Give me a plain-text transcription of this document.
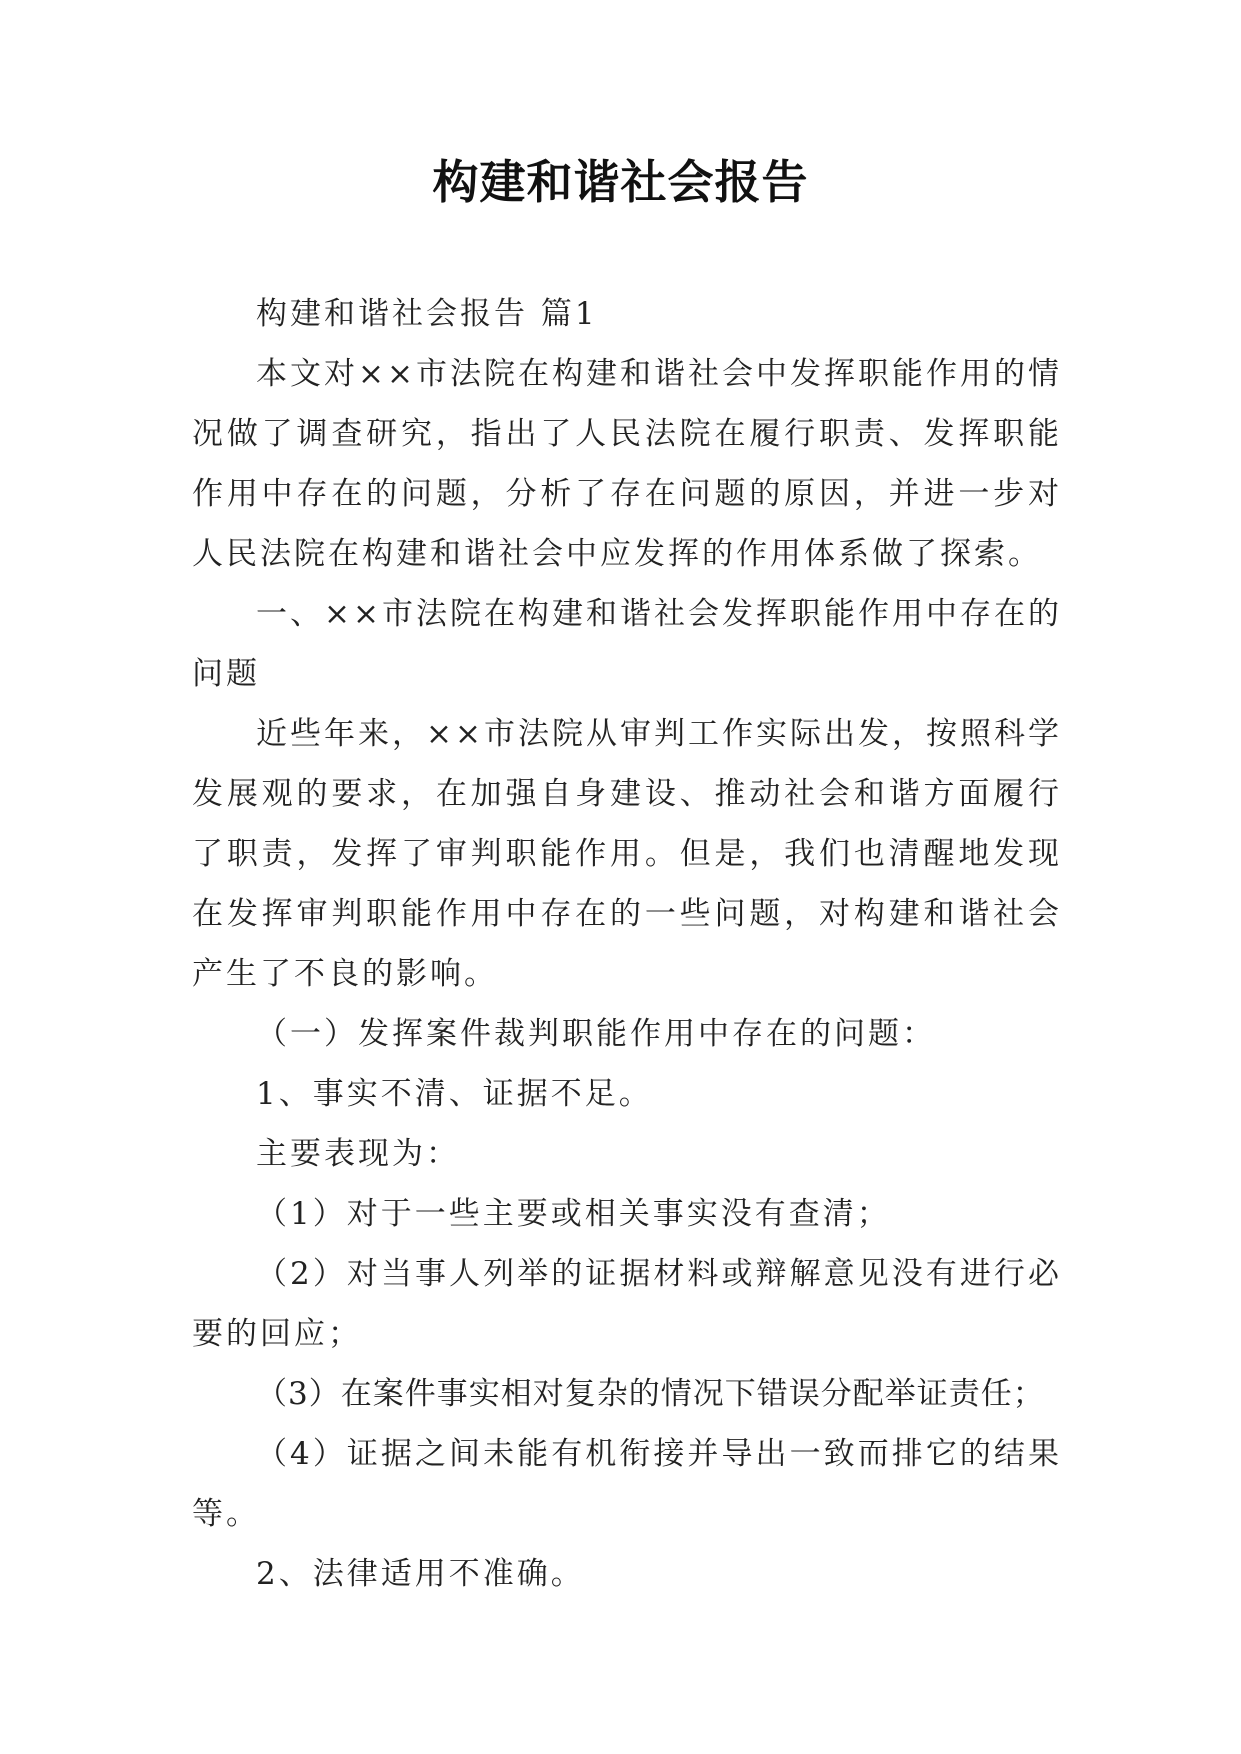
构建和谐社会报告

构建和谐社会报告 篇1

本文对××市法院在构建和谐社会中发挥职能作用的情况做了调查研究，指出了人民法院在履行职责、发挥职能作用中存在的问题，分析了存在问题的原因，并进一步对人民法院在构建和谐社会中应发挥的作用体系做了探索。

一、××市法院在构建和谐社会发挥职能作用中存在的问题

近些年来，××市法院从审判工作实际出发，按照科学发展观的要求，在加强自身建设、推动社会和谐方面履行了职责，发挥了审判职能作用。但是，我们也清醒地发现在发挥审判职能作用中存在的一些问题，对构建和谐社会产生了不良的影响。

（一）发挥案件裁判职能作用中存在的问题：

1、事实不清、证据不足。

主要表现为：

（1）对于一些主要或相关事实没有查清；

（2）对当事人列举的证据材料或辩解意见没有进行必要的回应；

（3）在案件事实相对复杂的情况下错误分配举证责任；

（4）证据之间未能有机衔接并导出一致而排它的结果等。

2、法律适用不准确。
